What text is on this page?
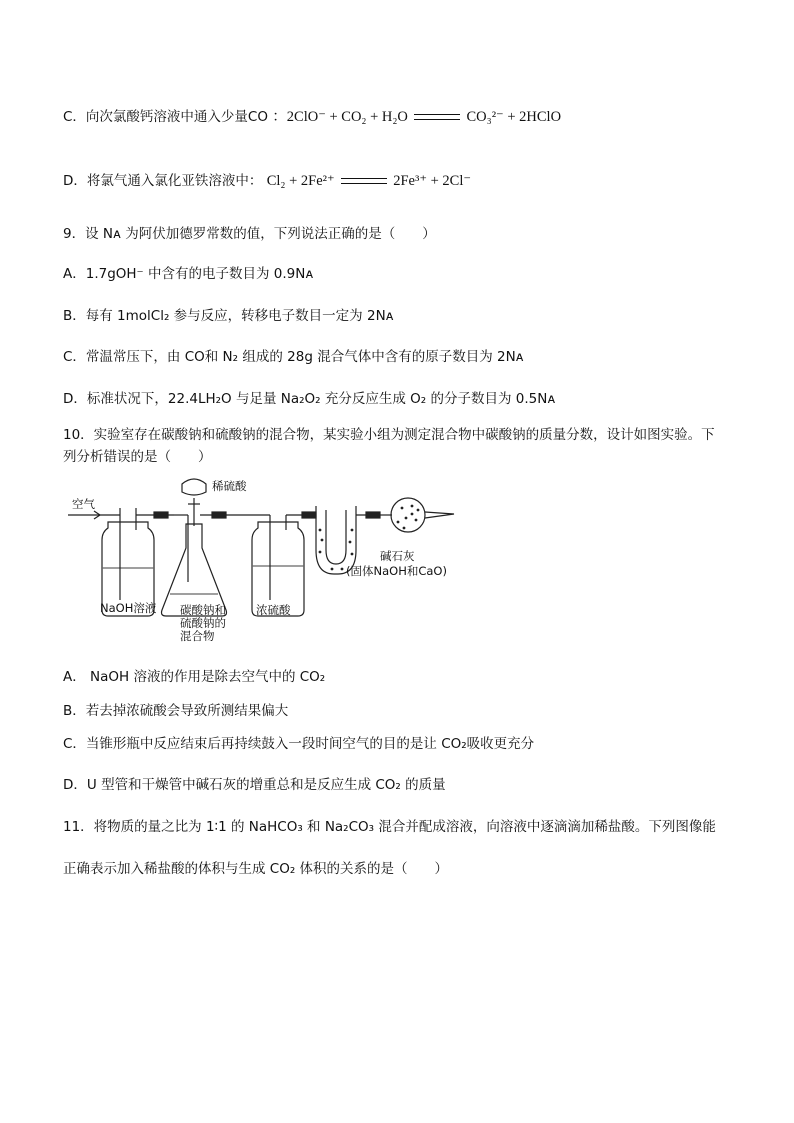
C．向次氯酸钙溶液中通入少量CO ：2ClO⁻ + CO₂ + H₂O	CO₃²⁻ + 2HClO
D．将氯气通入氯化亚铁溶液中： Cl₂ + 2Fe²⁺	2Fe³⁺ + 2Cl⁻
9．设 Nᴀ 为阿伏加德罗常数的值，下列说法正确的是（　　）
A．1.7gOH⁻ 中含有的电子数目为 0.9Nᴀ
B．每有 1molCl₂ 参与反应，转移电子数目一定为 2Nᴀ
C．常温常压下，由 CO和 N₂ 组成的 28g 混合气体中含有的原子数目为 2Nᴀ
D．标准状况下，22.4LH₂O 与足量 Na₂O₂ 充分反应生成 O₂ 的分子数目为 0.5Nᴀ
10．实验室存在碳酸钠和硫酸钠的混合物，某实验小组为测定混合物中碳酸钠的质量分数，设计如图实验。下
列分析错误的是（　　）
空气
稀硫酸
NaOH溶液 碳酸钠和
硫酸钠的
混合物
浓硫酸
碱石灰
(固体NaOH和CaO)
A． NaOH 溶液的作用是除去空气中的 CO₂
B．若去掉浓硫酸会导致所测结果偏大
C．当锥形瓶中反应结束后再持续鼓入一段时间空气的目的是让 CO₂吸收更充分
D．U 型管和干燥管中碱石灰的增重总和是反应生成 CO₂ 的质量
11．将物质的量之比为 1∶1 的 NaHCO₃ 和 Na₂CO₃ 混合并配成溶液，向溶液中逐滴滴加稀盐酸。下列图像能
正确表示加入稀盐酸的体积与生成 CO₂ 体积的关系的是（　　）
